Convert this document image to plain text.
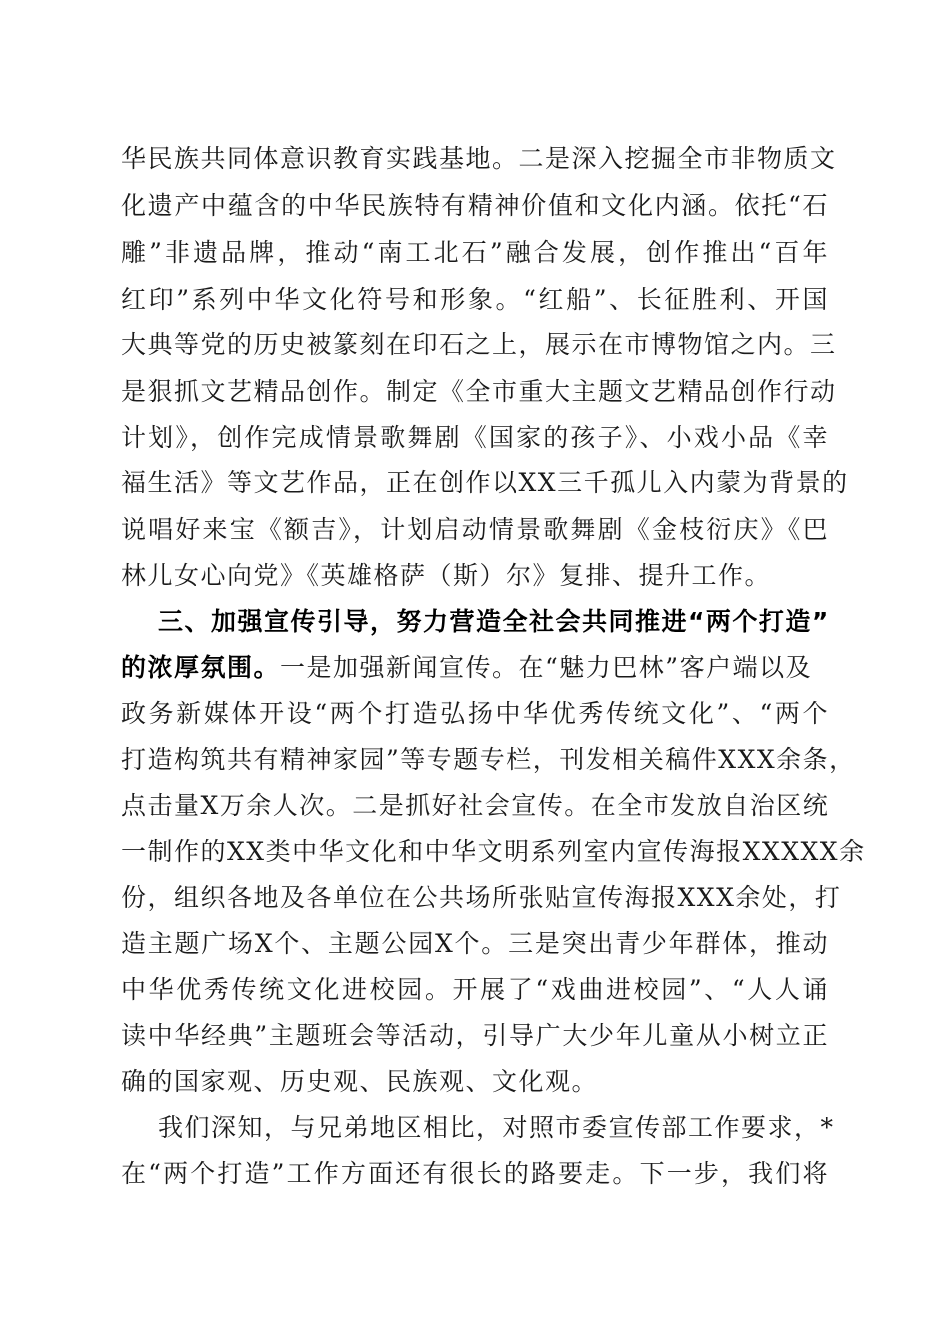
华民族共同体意识教育实践基地。二是深入挖掘全市非物质文
化遗产中蕴含的中华民族特有精神价值和文化内涵。依托“石
雕”非遗品牌，推动“南工北石”融合发展，创作推出“百年
红印”系列中华文化符号和形象。“红船”、长征胜利、开国
大典等党的历史被篆刻在印石之上，展示在市博物馆之内。三
是狠抓文艺精品创作。制定《全市重大主题文艺精品创作行动
计划》，创作完成情景歌舞剧《国家的孩子》、小戏小品《幸
福生活》等文艺作品，正在创作以XX三千孤儿入内蒙为背景的
说唱好来宝《额吉》，计划启动情景歌舞剧《金枝衍庆》《巴
林儿女心向党》《英雄格萨（斯）尔》复排、提升工作。
三、加强宣传引导，努力营造全社会共同推进“两个打造”
的浓厚氛围。一是加强新闻宣传。在“魅力巴林”客户端以及
政务新媒体开设“两个打造弘扬中华优秀传统文化”、“两个
打造构筑共有精神家园”等专题专栏，刊发相关稿件XXX余条，
点击量X万余人次。二是抓好社会宣传。在全市发放自治区统
一制作的XX类中华文化和中华文明系列室内宣传海报XXXXX余
份，组织各地及各单位在公共场所张贴宣传海报XXX余处，打
造主题广场X个、主题公园X个。三是突出青少年群体，推动
中华优秀传统文化进校园。开展了“戏曲进校园”、“人人诵
读中华经典”主题班会等活动，引导广大少年儿童从小树立正
确的国家观、历史观、民族观、文化观。
我们深知，与兄弟地区相比，对照市委宣传部工作要求，*
在“两个打造”工作方面还有很长的路要走。下一步，我们将
